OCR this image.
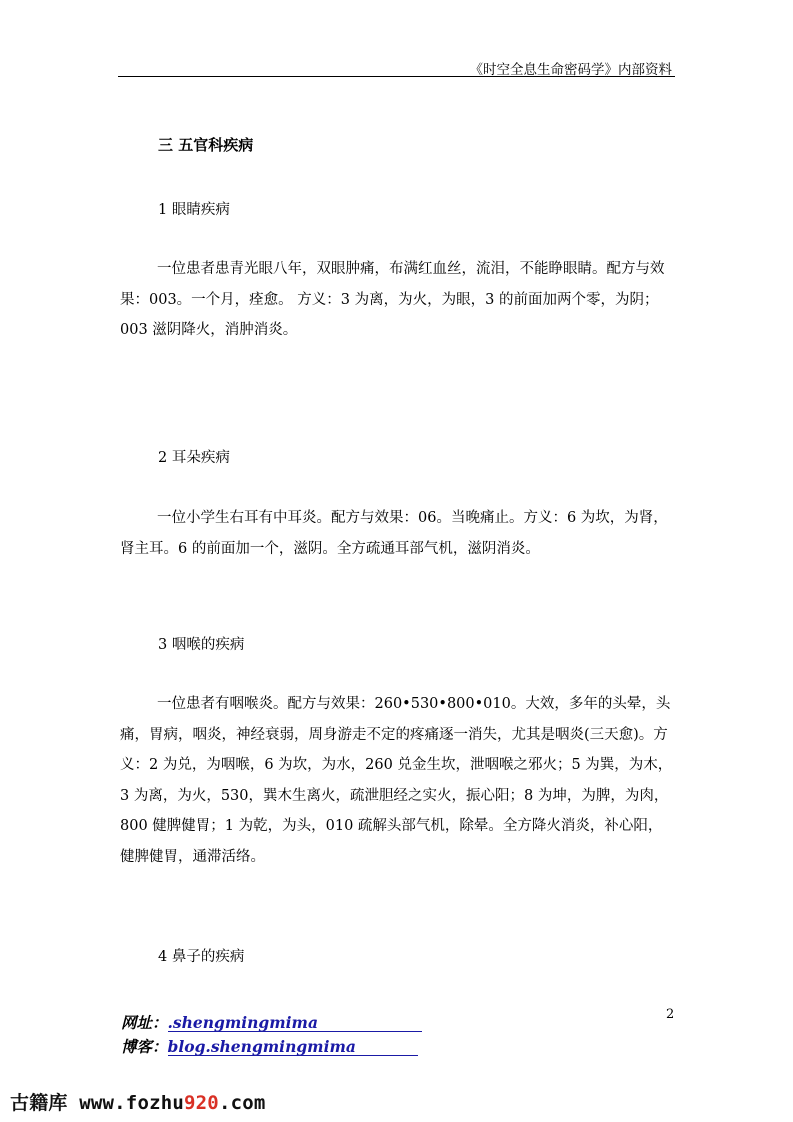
《时空全息生命密码学》内部资料
三 五官科疾病
1 眼睛疾病

一位患者患青光眼八年，双眼肿痛，布满红血丝，流泪，不能睁眼睛。配方与效果：003。一个月，痊愈。 方义：3 为离，为火，为眼，3 的前面加两个零，为阴；003 滋阴降火，消肿消炎。

2 耳朵疾病

一位小学生右耳有中耳炎。配方与效果：06。当晚痛止。方义：6 为坎，为肾，肾主耳。6 的前面加一个，滋阴。全方疏通耳部气机，滋阴消炎。

3 咽喉的疾病

一位患者有咽喉炎。配方与效果：260•530•800•010。大效，多年的头晕，头痛，胃病，咽炎，神经衰弱，周身游走不定的疼痛逐一消失，尤其是咽炎(三天愈)。方义：2 为兑，为咽喉，6 为坎，为水，260 兑金生坎，泄咽喉之邪火；5 为巽，为木，3 为离，为火，530，巽木生离火，疏泄胆经之实火，振心阳；8 为坤，为脾，为肉，800 健脾健胃；1 为乾，为头，010 疏解头部气机，除晕。全方降火消炎，补心阳，健脾健胃，通滞活络。

4 鼻子的疾病
2
网址：.shengmingmima
博客：blog.shengmingmima
古籍库 www.fozhu920.com
